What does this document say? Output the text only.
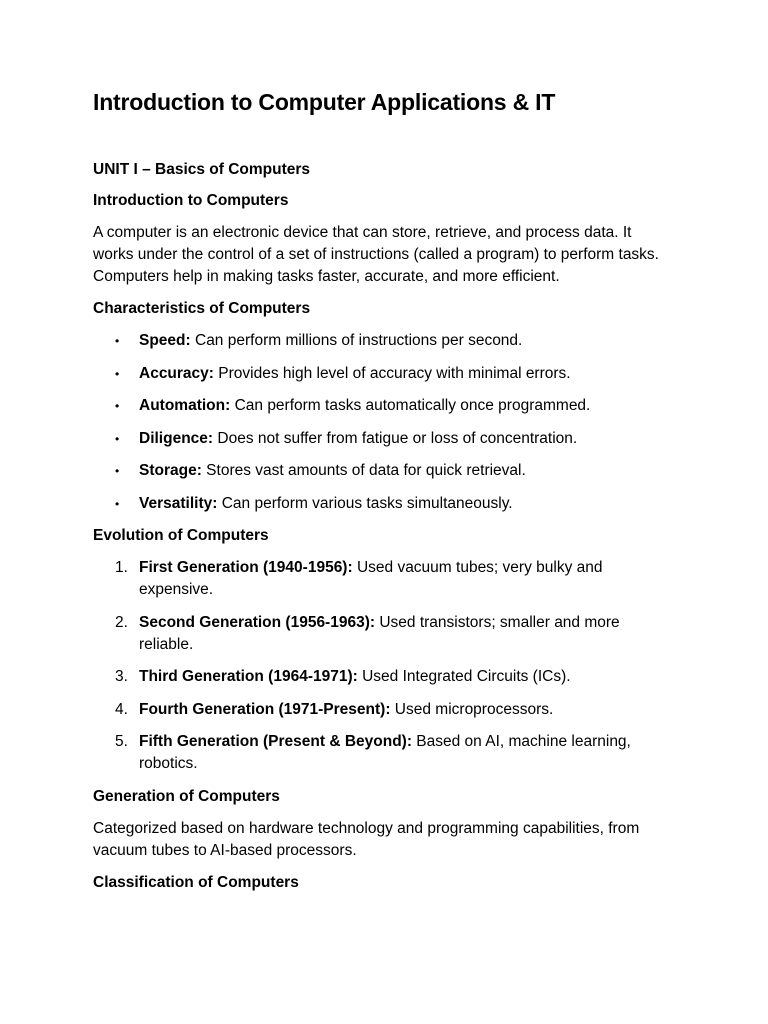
Introduction to Computer Applications & IT
UNIT I – Basics of Computers
Introduction to Computers

A computer is an electronic device that can store, retrieve, and process data. It works under the control of a set of instructions (called a program) to perform tasks. Computers help in making tasks faster, accurate, and more efficient.

Characteristics of Computers
• Speed: Can perform millions of instructions per second.
• Accuracy: Provides high level of accuracy with minimal errors.
• Automation: Can perform tasks automatically once programmed.
• Diligence: Does not suffer from fatigue or loss of concentration.
• Storage: Stores vast amounts of data for quick retrieval.
• Versatility: Can perform various tasks simultaneously.
Evolution of Computers
1. First Generation (1940-1956): Used vacuum tubes; very bulky and expensive.
2. Second Generation (1956-1963): Used transistors; smaller and more reliable.
3. Third Generation (1964-1971): Used Integrated Circuits (ICs).
4. Fourth Generation (1971-Present): Used microprocessors.
5. Fifth Generation (Present & Beyond): Based on AI, machine learning, robotics.
Generation of Computers

Categorized based on hardware technology and programming capabilities, from vacuum tubes to AI-based processors.

Classification of Computers
